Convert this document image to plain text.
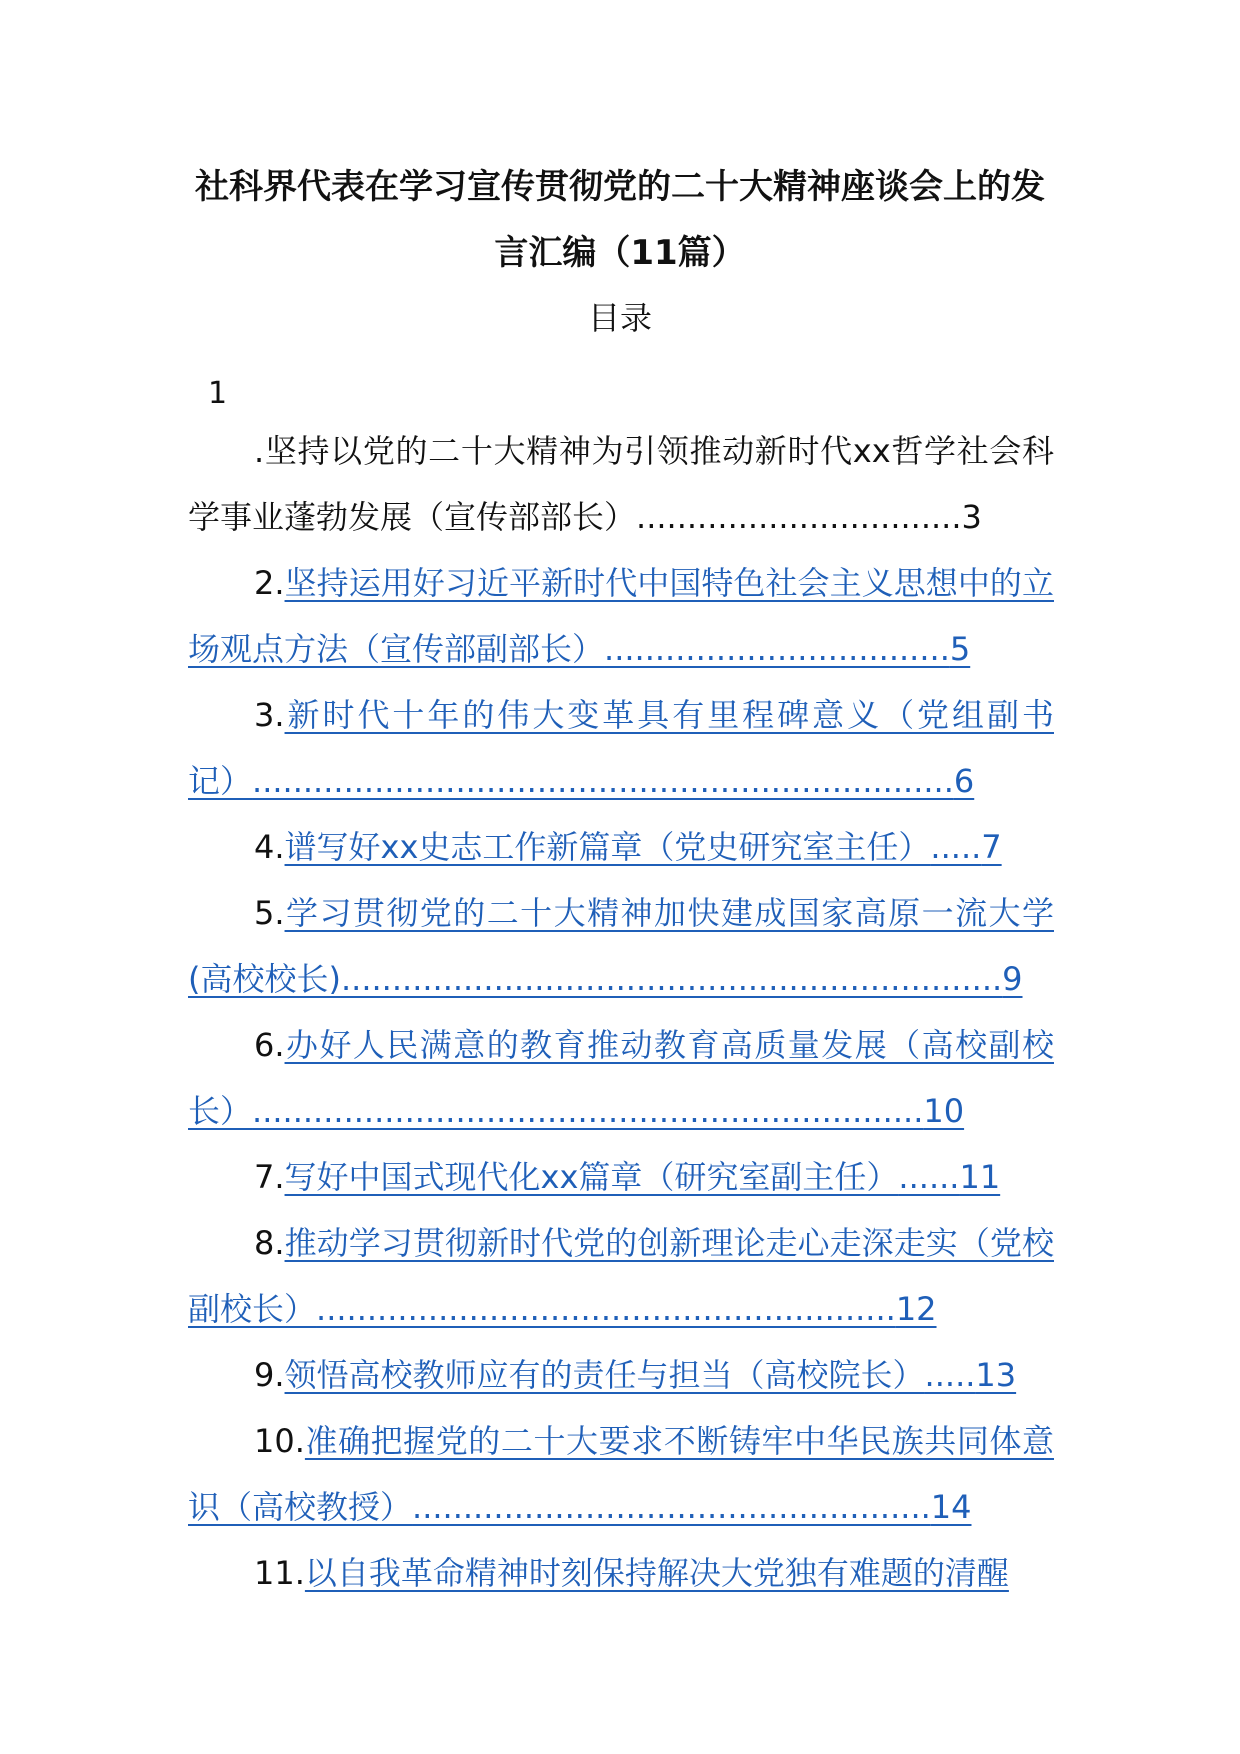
社科界代表在学习宣传贯彻党的二十大精神座谈会上的发言汇编（11篇）
目录
1
.坚持以党的二十大精神为引领推动新时代xx哲学社会科学事业蓬勃发展（宣传部部长）................................3
2.坚持运用好习近平新时代中国特色社会主义思想中的立场观点方法（宣传部副部长）..................................5
3.新时代十年的伟大变革具有里程碑意义（党组副书记）.....................................................................6
4.谱写好xx史志工作新篇章（党史研究室主任）.....7
5.学习贯彻党的二十大精神加快建成国家高原一流大学(高校校长).................................................................9
6.办好人民满意的教育推动教育高质量发展（高校副校长）..................................................................10
7.写好中国式现代化xx篇章（研究室副主任）......11
8.推动学习贯彻新时代党的创新理论走心走深走实（党校副校长）.........................................................12
9.领悟高校教师应有的责任与担当（高校院长）.....13
10.准确把握党的二十大要求不断铸牢中华民族共同体意识（高校教授）...................................................14
11.以自我革命精神时刻保持解决大党独有难题的清醒
